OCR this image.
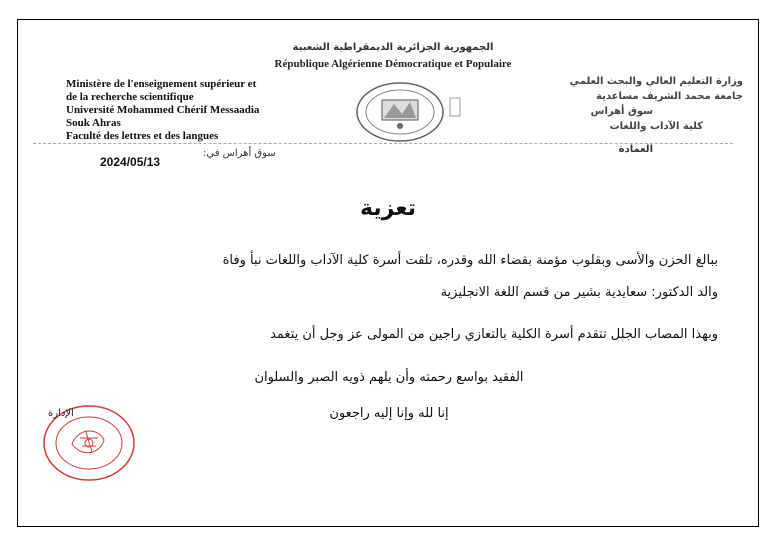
الجمهورية الجزائرية الديمقراطية الشعبية
République Algérienne Démocratique et Populaire
Ministère de l'enseignement supérieur et
de la recherche scientifique
Université Mohammed Chérif Messaadia
Souk Ahras
Faculté des lettres et des langues
وزارة التعليم العالي والبحث العلمي
جامعة محمد الشريف مساعدية
سوق أهراس
كلية الآداب واللغات
سوق أهراس في:
2024/05/13
العمادة
تعزية
ببالغ الحزن والأسى وبقلوب مؤمنة بقضاء الله وقدره، تلقت أسرة كلية الآداب واللغات نبأ وفاة
والد الدكتور: سعايدية بشير من قسم اللغة الانجليزية
وبهذا المصاب الجلل تتقدم أسرة الكلية بالتعازي راجين من المولى عز وجل أن يتغمد
الفقيد بواسع رحمته وأن يلهم ذويه الصبر والسلوان
إنا لله وإنا إليه راجعون
الإدارة
